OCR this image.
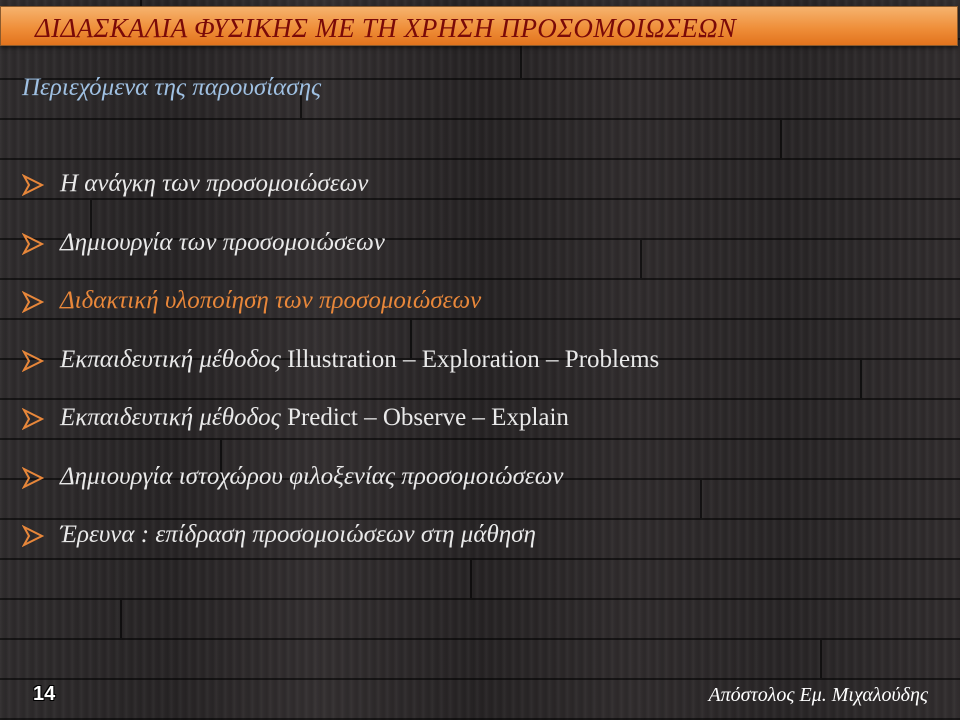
ΔΙΔΑΣΚΑΛΙΑ ΦΥΣΙΚΗΣ ΜΕ ΤΗ ΧΡΗΣΗ ΠΡΟΣΟΜΟΙΩΣΕΩΝ
Περιεχόμενα της παρουσίασης
Η ανάγκη των προσομοιώσεων
Δημιουργία των προσομοιώσεων
Διδακτική υλοποίηση των προσομοιώσεων
Εκπαιδευτική μέθοδος Illustration – Exploration – Problems
Εκπαιδευτική μέθοδος Predict – Observe – Explain
Δημιουργία ιστοχώρου φιλοξενίας προσομοιώσεων
Έρευνα : επίδραση προσομοιώσεων στη μάθηση
14	Απόστολος Εμ. Μιχαλούδης
